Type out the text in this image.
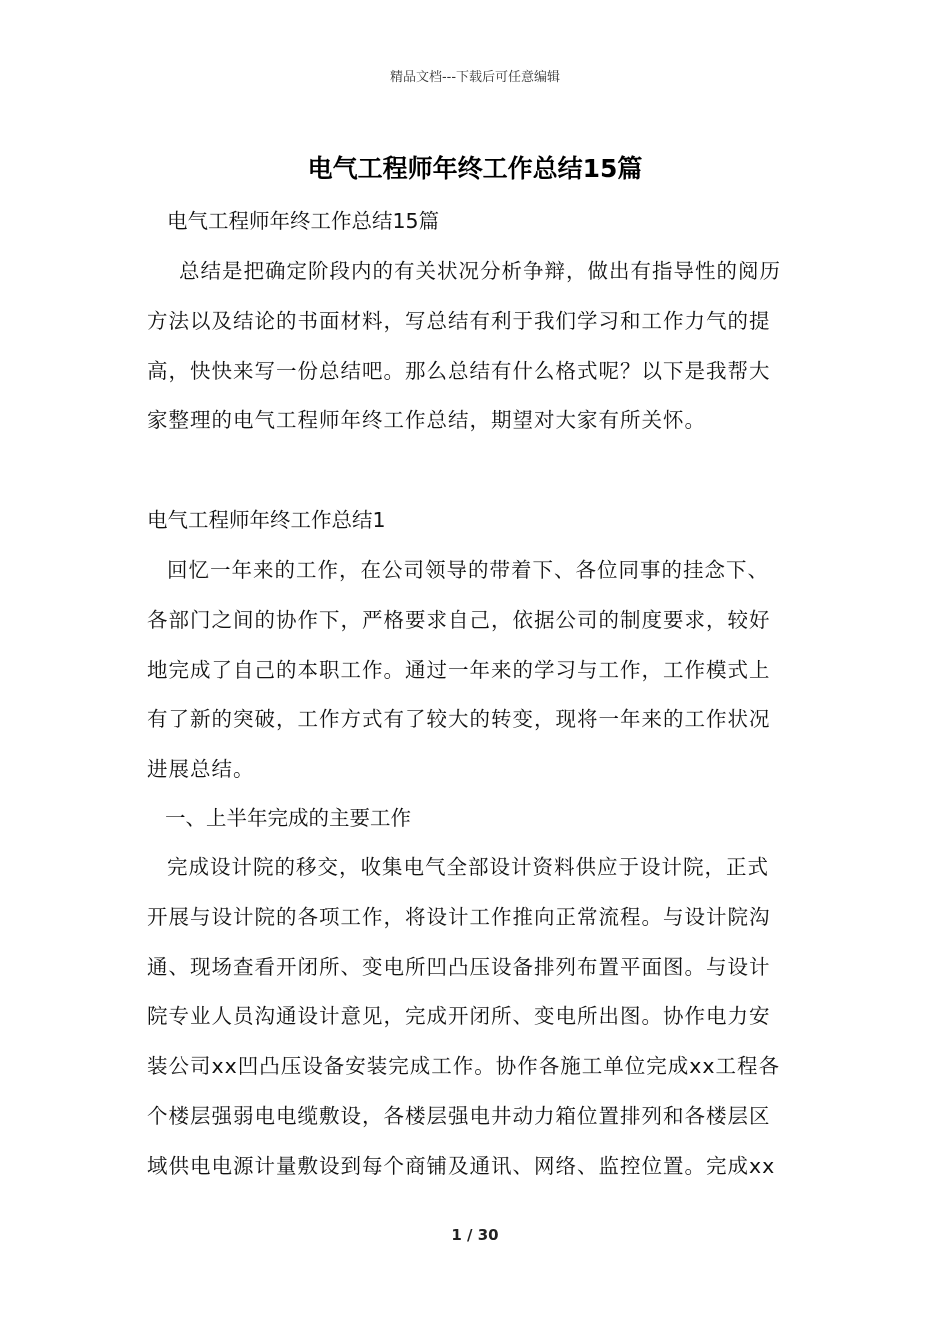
精品文档---下载后可任意编辑
电气工程师年终工作总结15篇

电气工程师年终工作总结15篇

总结是把确定阶段内的有关状况分析争辩，做出有指导性的阅历
方法以及结论的书面材料，写总结有利于我们学习和工作力气的提
高，快快来写一份总结吧。那么总结有什么格式呢？以下是我帮大
家整理的电气工程师年终工作总结，期望对大家有所关怀。

电气工程师年终工作总结1

回忆一年来的工作，在公司领导的带着下、各位同事的挂念下、
各部门之间的协作下，严格要求自己，依据公司的制度要求，较好
地完成了自己的本职工作。通过一年来的学习与工作，工作模式上
有了新的突破，工作方式有了较大的转变，现将一年来的工作状况
进展总结。

一、上半年完成的主要工作

完成设计院的移交，收集电气全部设计资料供应于设计院，正式
开展与设计院的各项工作，将设计工作推向正常流程。与设计院沟
通、现场查看开闭所、变电所凹凸压设备排列布置平面图。与设计
院专业人员沟通设计意见，完成开闭所、变电所出图。协作电力安
装公司xx凹凸压设备安装完成工作。协作各施工单位完成xx工程各
个楼层强弱电电缆敷设，各楼层强电井动力箱位置排列和各楼层区
域供电电源计量敷设到每个商铺及通讯、网络、监控位置。完成xx
1 / 30
